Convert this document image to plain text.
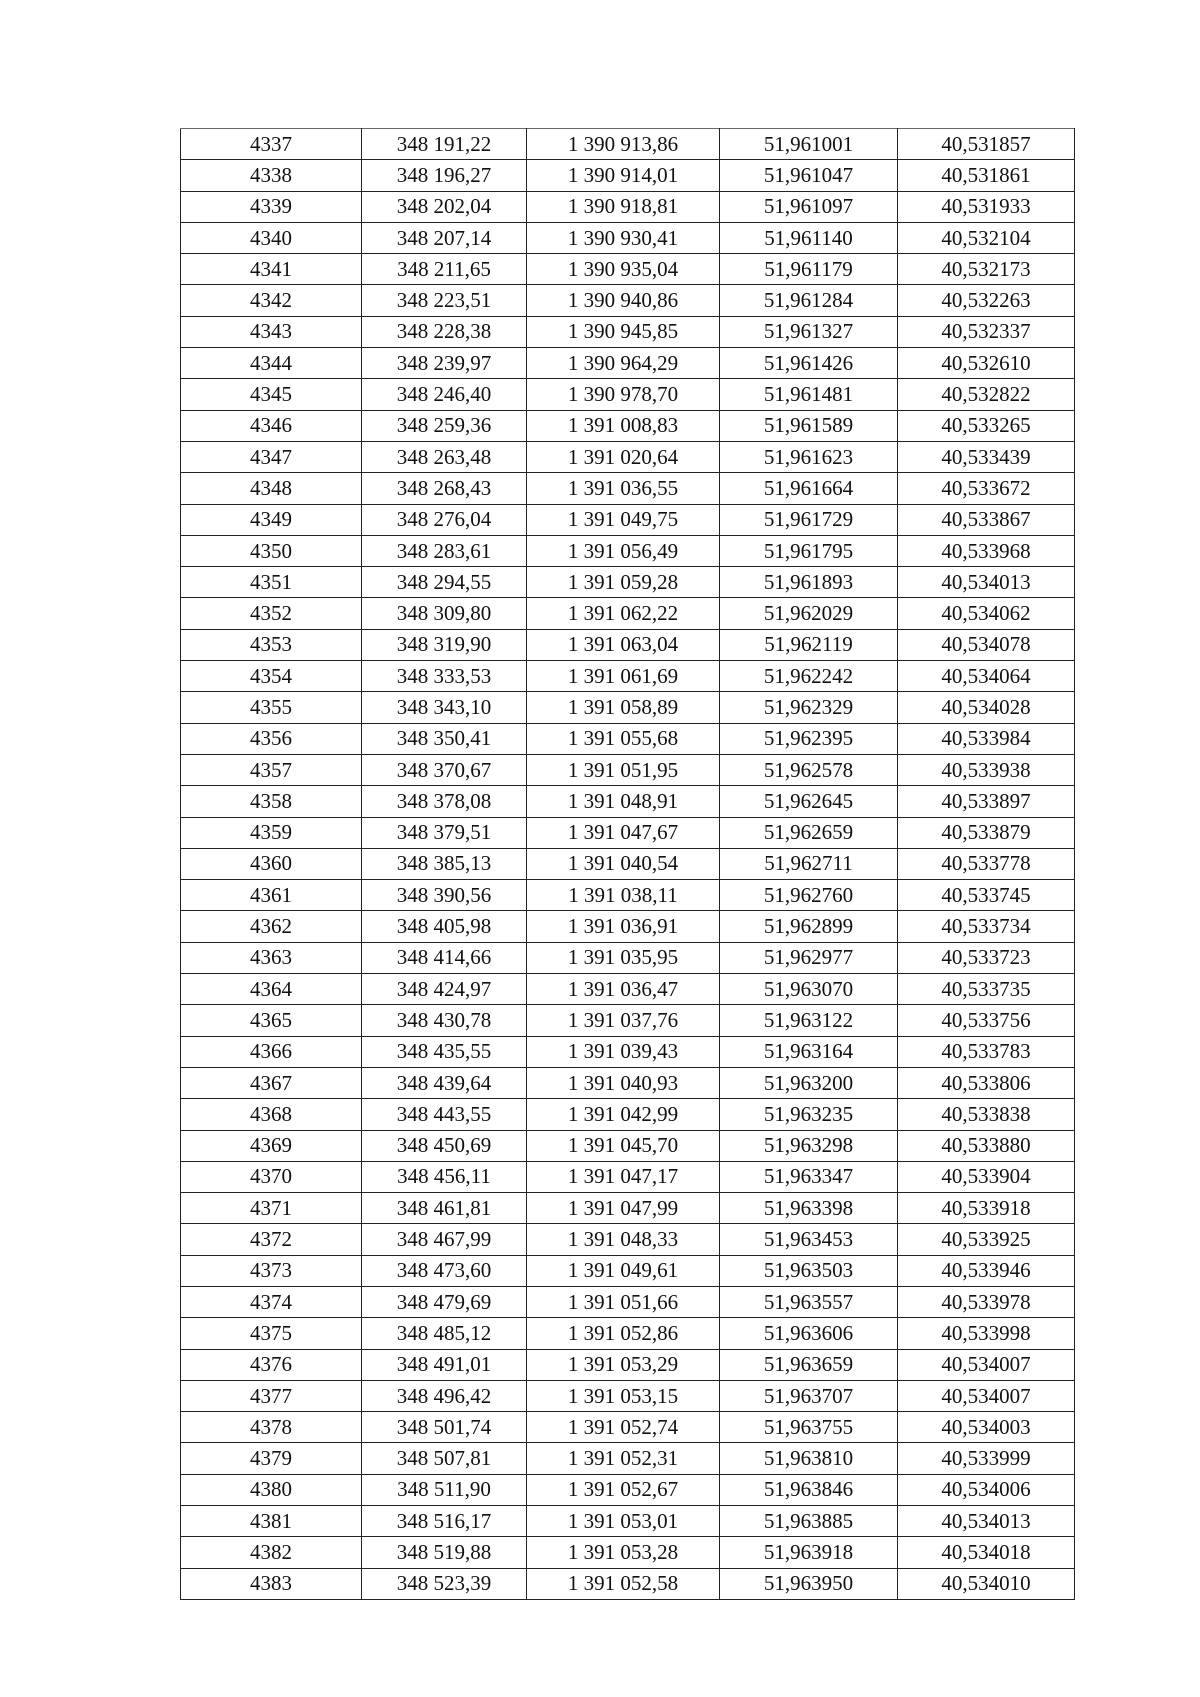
4337	348 191,22	1 390 913,86	51,961001	40,531857
4338	348 196,27	1 390 914,01	51,961047	40,531861
4339	348 202,04	1 390 918,81	51,961097	40,531933
4340	348 207,14	1 390 930,41	51,961140	40,532104
4341	348 211,65	1 390 935,04	51,961179	40,532173
4342	348 223,51	1 390 940,86	51,961284	40,532263
4343	348 228,38	1 390 945,85	51,961327	40,532337
4344	348 239,97	1 390 964,29	51,961426	40,532610
4345	348 246,40	1 390 978,70	51,961481	40,532822
4346	348 259,36	1 391 008,83	51,961589	40,533265
4347	348 263,48	1 391 020,64	51,961623	40,533439
4348	348 268,43	1 391 036,55	51,961664	40,533672
4349	348 276,04	1 391 049,75	51,961729	40,533867
4350	348 283,61	1 391 056,49	51,961795	40,533968
4351	348 294,55	1 391 059,28	51,961893	40,534013
4352	348 309,80	1 391 062,22	51,962029	40,534062
4353	348 319,90	1 391 063,04	51,962119	40,534078
4354	348 333,53	1 391 061,69	51,962242	40,534064
4355	348 343,10	1 391 058,89	51,962329	40,534028
4356	348 350,41	1 391 055,68	51,962395	40,533984
4357	348 370,67	1 391 051,95	51,962578	40,533938
4358	348 378,08	1 391 048,91	51,962645	40,533897
4359	348 379,51	1 391 047,67	51,962659	40,533879
4360	348 385,13	1 391 040,54	51,962711	40,533778
4361	348 390,56	1 391 038,11	51,962760	40,533745
4362	348 405,98	1 391 036,91	51,962899	40,533734
4363	348 414,66	1 391 035,95	51,962977	40,533723
4364	348 424,97	1 391 036,47	51,963070	40,533735
4365	348 430,78	1 391 037,76	51,963122	40,533756
4366	348 435,55	1 391 039,43	51,963164	40,533783
4367	348 439,64	1 391 040,93	51,963200	40,533806
4368	348 443,55	1 391 042,99	51,963235	40,533838
4369	348 450,69	1 391 045,70	51,963298	40,533880
4370	348 456,11	1 391 047,17	51,963347	40,533904
4371	348 461,81	1 391 047,99	51,963398	40,533918
4372	348 467,99	1 391 048,33	51,963453	40,533925
4373	348 473,60	1 391 049,61	51,963503	40,533946
4374	348 479,69	1 391 051,66	51,963557	40,533978
4375	348 485,12	1 391 052,86	51,963606	40,533998
4376	348 491,01	1 391 053,29	51,963659	40,534007
4377	348 496,42	1 391 053,15	51,963707	40,534007
4378	348 501,74	1 391 052,74	51,963755	40,534003
4379	348 507,81	1 391 052,31	51,963810	40,533999
4380	348 511,90	1 391 052,67	51,963846	40,534006
4381	348 516,17	1 391 053,01	51,963885	40,534013
4382	348 519,88	1 391 053,28	51,963918	40,534018
4383	348 523,39	1 391 052,58	51,963950	40,534010
